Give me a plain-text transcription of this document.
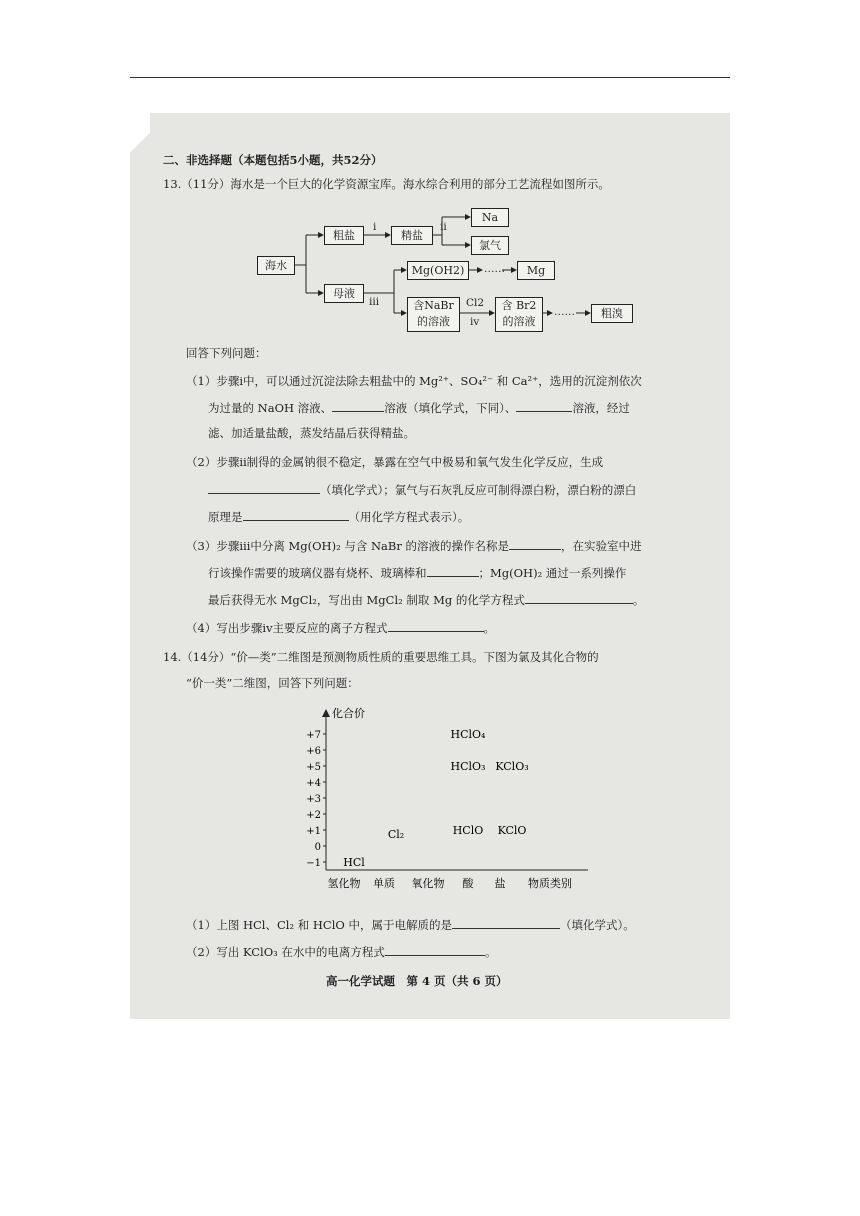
二、非选择题（本题包括5小题，共52分）
13.（11分）海水是一个巨大的化学资源宝库。海水综合利用的部分工艺流程如图所示。
海水
粗盐	精盐
Na
氯气
母液
Mg(OH2)	Mg
含NaBr
的溶液
含 Br2
的溶液
粗溴
i	ii
iii	Cl2
iv
……
……
回答下列问题：
（1）步骤ⅰ中，可以通过沉淀法除去粗盐中的 Mg²⁺、SO₄²⁻ 和 Ca²⁺，选用的沉淀剂依次
为过量的 NaOH 溶液、	溶液（填化学式，下同）、	溶液，经过
滤、加适量盐酸，蒸发结晶后获得精盐。
（2）步骤ⅱ制得的金属钠很不稳定，暴露在空气中极易和氧气发生化学反应，生成
（填化学式）；氯气与石灰乳反应可制得漂白粉，漂白粉的漂白
原理是	（用化学方程式表示）。
（3）步骤ⅲ中分离 Mg(OH)₂ 与含 NaBr 的溶液的操作名称是	，在实验室中进
行该操作需要的玻璃仪器有烧杯、玻璃棒和	；Mg(OH)₂ 通过一系列操作
最后获得无水 MgCl₂，写出由 MgCl₂ 制取 Mg 的化学方程式	。
（4）写出步骤ⅳ主要反应的离子方程式	。
14.（14分）“价—类”二维图是预测物质性质的重要思维工具。下图为氯及其化合物的
“价一类”二维图，回答下列问题：
化合价
+7
+6
+5
+4
+3
+2
+1
0
−1
氢化物 单质 氧化物 酸 盐 物质类别
HClO₄
HClO₃ KClO₃
HClO KClO
Cl₂
HCl
（1）上图 HCl、Cl₂ 和 HClO 中，属于电解质的是	（填化学式）。
（2）写出 KClO₃ 在水中的电离方程式	。
高一化学试题　第 4 页（共 6 页）
